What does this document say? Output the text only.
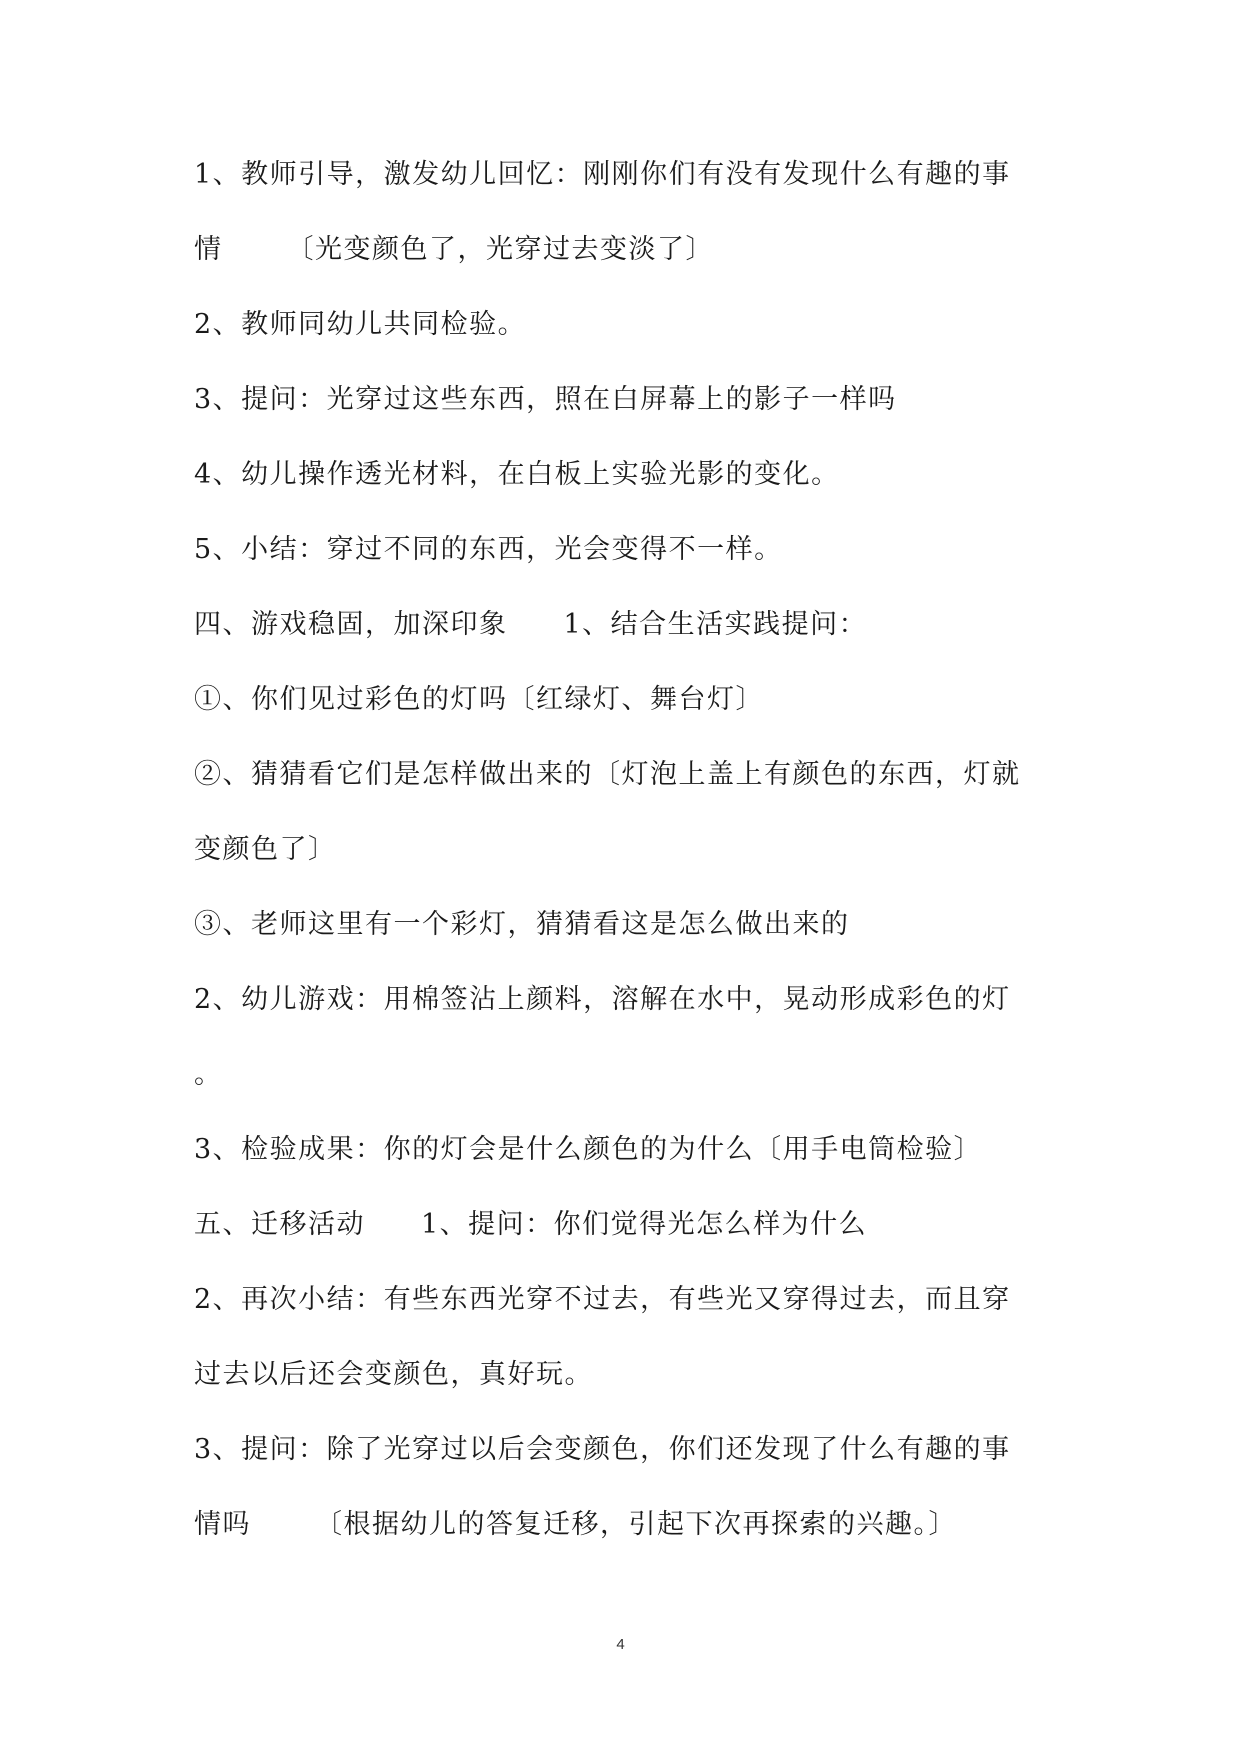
1、教师引导，激发幼儿回忆：刚刚你们有没有发现什么有趣的事
情 〔光变颜色了，光穿过去变淡了〕
2、教师同幼儿共同检验。
3、提问：光穿过这些东西，照在白屏幕上的影子一样吗
4、幼儿操作透光材料，在白板上实验光影的变化。
5、小结：穿过不同的东西，光会变得不一样。
四、游戏稳固，加深印象 1、结合生活实践提问：
①、你们见过彩色的灯吗〔红绿灯、舞台灯〕
②、猜猜看它们是怎样做出来的〔灯泡上盖上有颜色的东西，灯就
变颜色了〕
③、老师这里有一个彩灯，猜猜看这是怎么做出来的
2、幼儿游戏：用棉签沾上颜料，溶解在水中，晃动形成彩色的灯
。
3、检验成果：你的灯会是什么颜色的为什么〔用手电筒检验〕
五、迁移活动 1、提问：你们觉得光怎么样为什么
2、再次小结：有些东西光穿不过去，有些光又穿得过去，而且穿
过去以后还会变颜色，真好玩。
3、提问：除了光穿过以后会变颜色，你们还发现了什么有趣的事
情吗 〔根据幼儿的答复迁移，引起下次再探索的兴趣。〕
4
